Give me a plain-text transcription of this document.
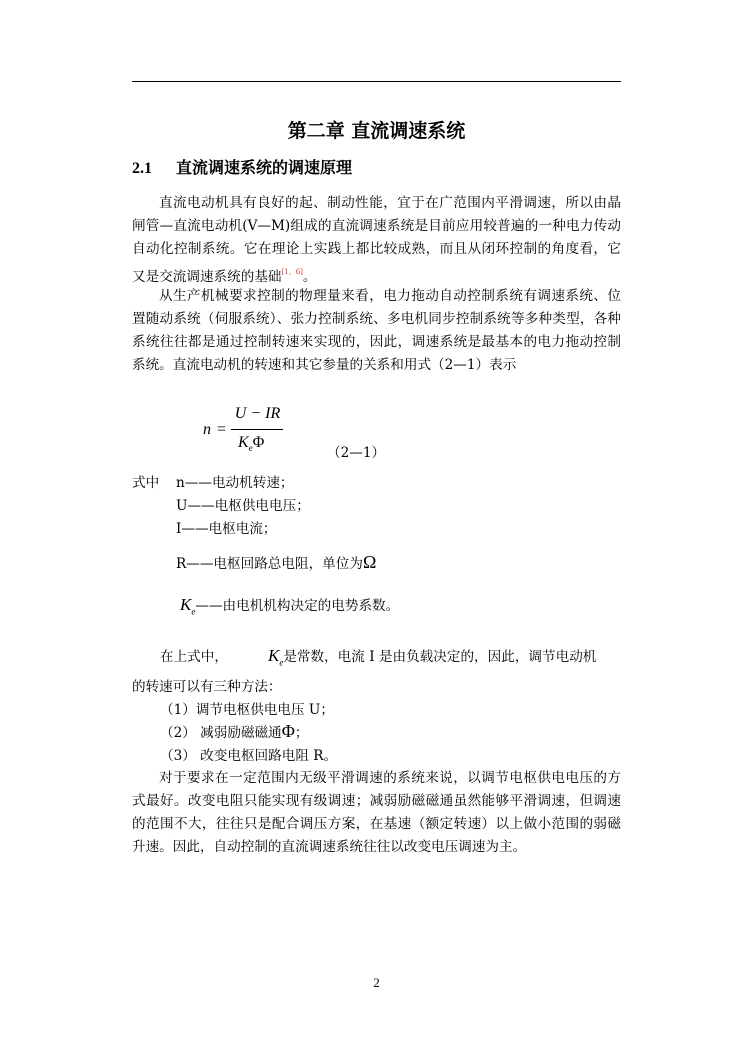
第二章 直流调速系统
2.1 直流调速系统的调速原理
直流电动机具有良好的起、制动性能，宜于在广范围内平滑调速，所以由晶闸管—直流电动机(V—M)组成的直流调速系统是目前应用较普遍的一种电力传动自动化控制系统。它在理论上实践上都比较成熟，而且从闭环控制的角度看，它又是交流调速系统的基础[1，6]。
从生产机械要求控制的物理量来看，电力拖动自动控制系统有调速系统、位置随动系统（伺服系统）、张力控制系统、多电机同步控制系统等多种类型，各种系统往往都是通过控制转速来实现的，因此，调速系统是最基本的电力拖动控制系统。直流电动机的转速和其它参量的关系和用式（2—1）表示
n =
U − IR
$K_e\Phi$
（2—1）
式中 n——电动机转速；
U——电枢供电电压；
I——电枢电流；
R——电枢回路总电阻，单位为Ω
$K_e——$由电机机构决定的电势系数。
在上式中， $K_e$是常数，电流 I 是由负载决定的，因此，调节电动机
的转速可以有三种方法：
（1）调节电枢供电电压 U；
（2） 减弱励磁磁通Φ；
（3） 改变电枢回路电阻 R。
对于要求在一定范围内无级平滑调速的系统来说，以调节电枢供电电压的方式最好。改变电阻只能实现有级调速；减弱励磁磁通虽然能够平滑调速，但调速的范围不大，往往只是配合调压方案，在基速（额定转速）以上做小范围的弱磁升速。因此，自动控制的直流调速系统往往以改变电压调速为主。
2
